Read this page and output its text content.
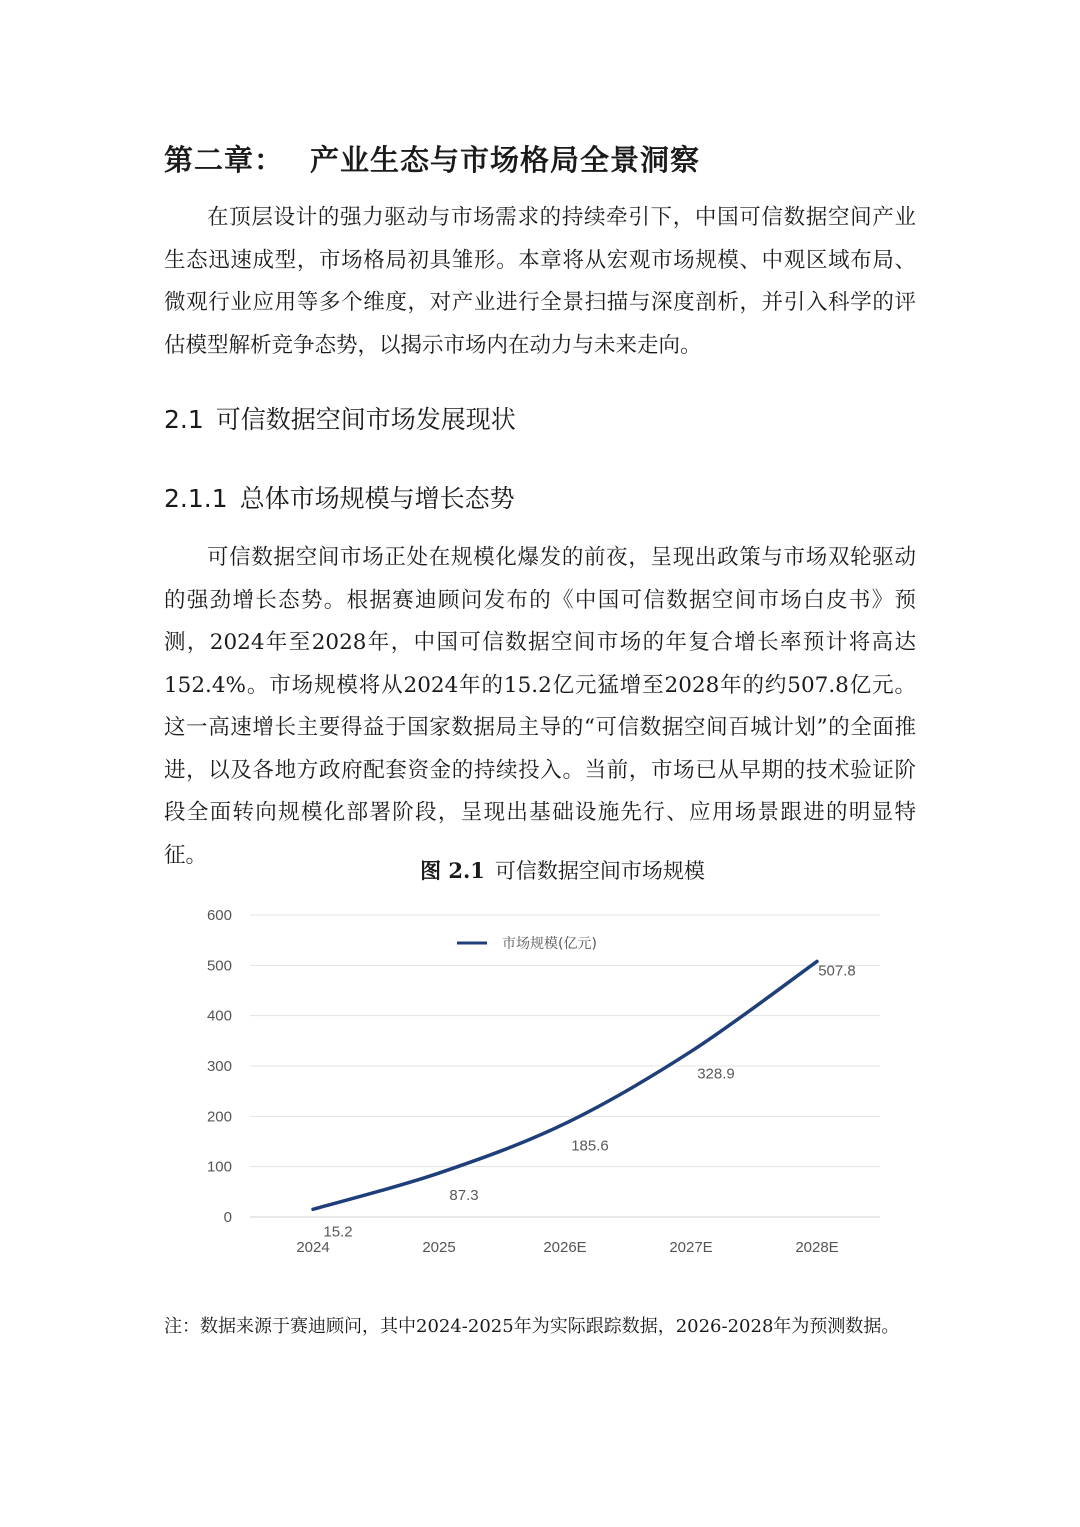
第二章： 产业生态与市场格局全景洞察

在顶层设计的强力驱动与市场需求的持续牵引下，中国可信数据空间产业生态迅速成型，市场格局初具雏形。本章将从宏观市场规模、中观区域布局、微观行业应用等多个维度，对产业进行全景扫描与深度剖析，并引入科学的评估模型解析竞争态势，以揭示市场内在动力与未来走向。

2.1 可信数据空间市场发展现状
2.1.1 总体市场规模与增长态势

可信数据空间市场正处在规模化爆发的前夜，呈现出政策与市场双轮驱动的强劲增长态势。根据赛迪顾问发布的《中国可信数据空间市场白皮书》预测，2024年至2028年，中国可信数据空间市场的年复合增长率预计将高达152.4%。市场规模将从2024年的15.2亿元猛增至2028年的约507.8亿元。这一高速增长主要得益于国家数据局主导的“可信数据空间百城计划”的全面推进，以及各地方政府配套资金的持续投入。当前，市场已从早期的技术验证阶段全面转向规模化部署阶段，呈现出基础设施先行、应用场景跟进的明显特征。

图 2.1 可信数据空间市场规模

0
100
200
300
400
500
600
2024	2025	2026E	2027E	2028E
15.2
87.3
185.6
328.9
507.8
市场规模(亿元)

注：数据来源于赛迪顾问，其中2024-2025年为实际跟踪数据，2026-2028年为预测数据。
